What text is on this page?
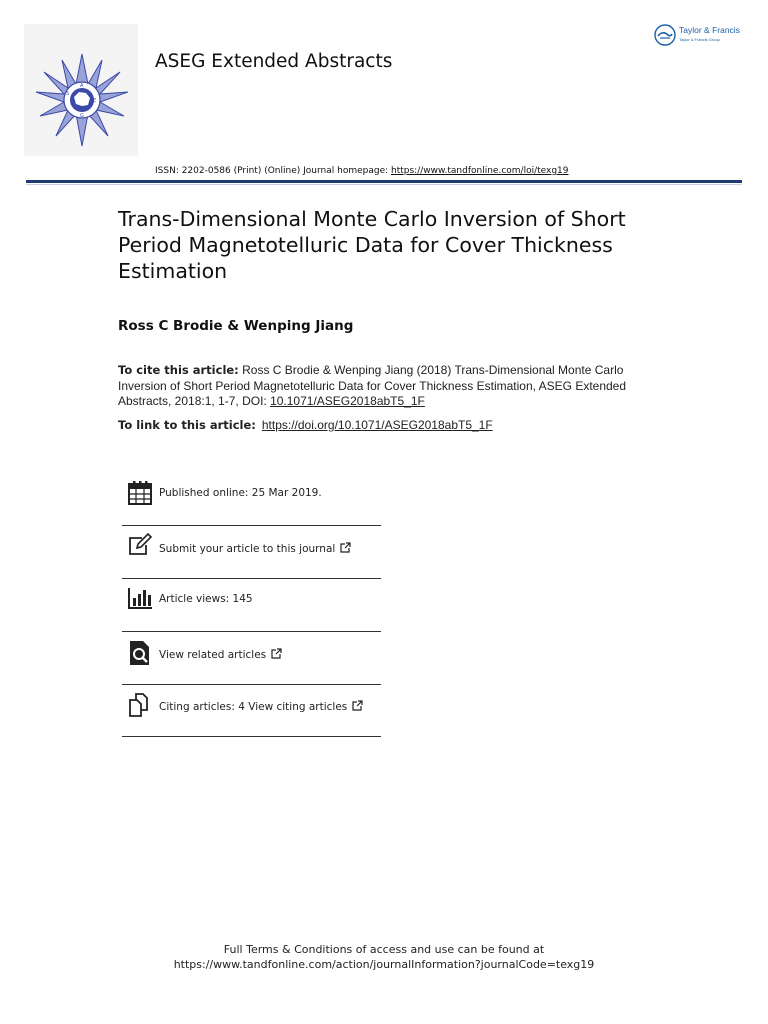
S
E
G
A
ASEG Extended Abstracts
Taylor & Francis
Taylor & Francis Group
ISSN: 2202-0586 (Print) (Online) Journal homepage: https://www.tandfonline.com/loi/texg19
Trans-Dimensional Monte Carlo Inversion of Short Period Magnetotelluric Data for Cover Thickness Estimation
Ross C Brodie & Wenping Jiang
To cite this article: Ross C Brodie & Wenping Jiang (2018) Trans-Dimensional Monte Carlo Inversion of Short Period Magnetotelluric Data for Cover Thickness Estimation, ASEG Extended Abstracts, 2018:1, 1-7, DOI: 10.1071/ASEG2018abT5_1F
To link to this article: https://doi.org/10.1071/ASEG2018abT5_1F
Published online: 25 Mar 2019.
Submit your article to this journal
Article views: 145
View related articles
Citing articles: 4 View citing articles
Full Terms & Conditions of access and use can be found at
https://www.tandfonline.com/action/journalInformation?journalCode=texg19
